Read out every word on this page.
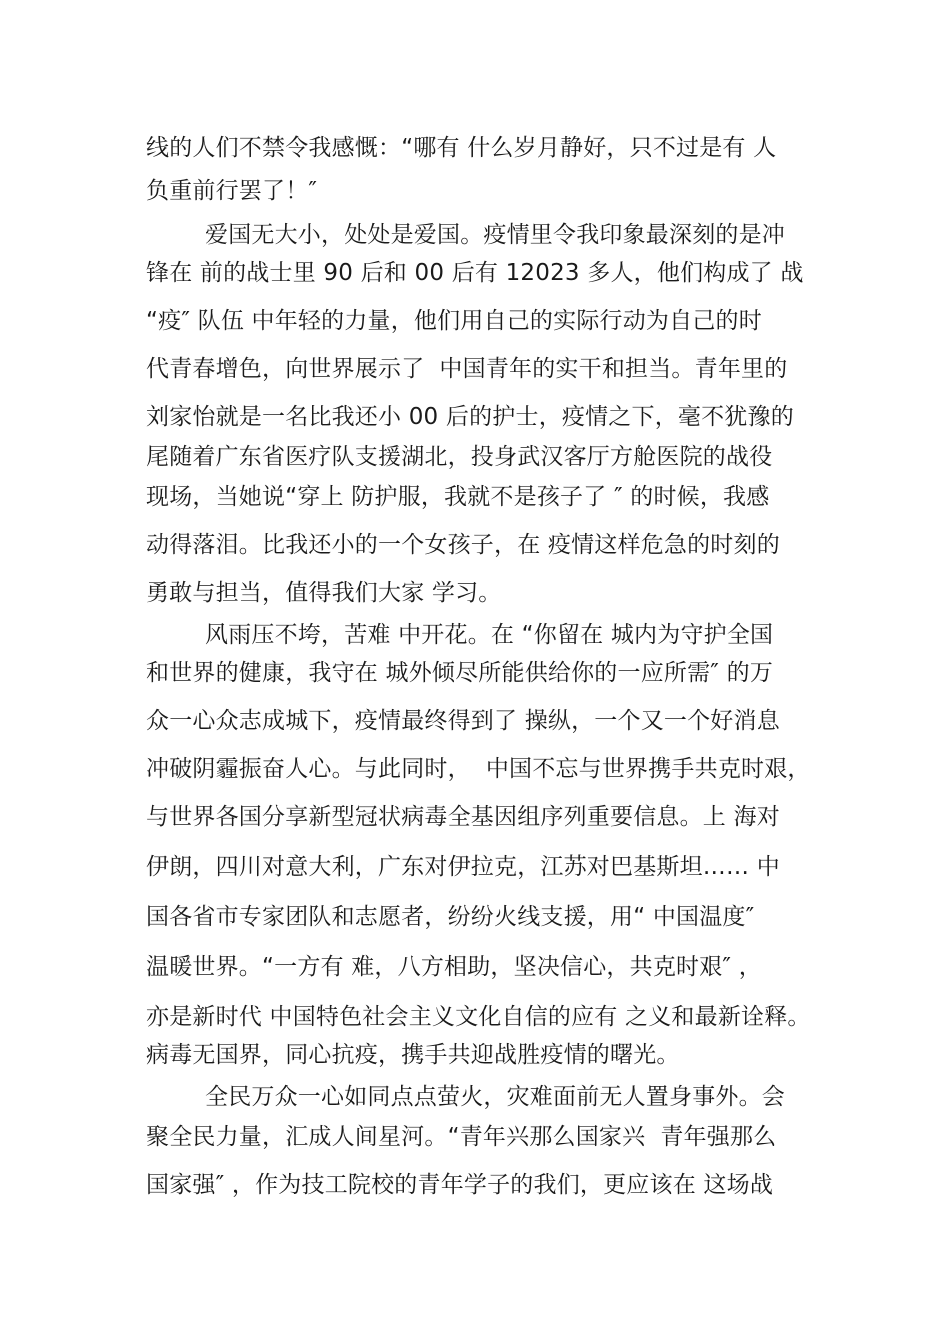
线的人们不禁令我感慨：“哪有 什么岁月静好，只不过是有 人
负重前行罢了！″
爱国无大小，处处是爱国。疫情里令我印象最深刻的是冲
锋在 前的战士里 90 后和 00 后有 12023 多人，他们构成了 战
“疫″ 队伍 中年轻的力量，他们用自己的实际行动为自己的时
代青春增色，向世界展示了  中国青年的实干和担当。青年里的
刘家怡就是一名比我还小 00 后的护士，疫情之下，毫不犹豫的
尾随着广东省医疗队支援湖北，投身武汉客厅方舱医院的战役
现场，当她说“穿上 防护服，我就不是孩子了 ″ 的时候，我感
动得落泪。比我还小的一个女孩子，在 疫情这样危急的时刻的
勇敢与担当，值得我们大家 学习。
风雨压不垮，苦难 中开花。在 “你留在 城内为守护全国
和世界的健康，我守在 城外倾尽所能供给你的一应所需″ 的万
众一心众志成城下，疫情最终得到了 操纵，一个又一个好消息
冲破阴霾振奋人心。与此同时，  中国不忘与世界携手共克时艰，
与世界各国分享新型冠状病毒全基因组序列重要信息。上 海对
伊朗，四川对意大利，广东对伊拉克，江苏对巴基斯坦…… 中
国各省市专家团队和志愿者，纷纷火线支援，用“ 中国温度″
温暖世界。“一方有 难，八方相助，坚决信心，共克时艰″ ，
亦是新时代 中国特色社会主义文化自信的应有 之义和最新诠释。
病毒无国界，同心抗疫，携手共迎战胜疫情的曙光。
全民万众一心如同点点萤火，灾难面前无人置身事外。会
聚全民力量，汇成人间星河。“青年兴那么国家兴  青年强那么
国家强″ ，作为技工院校的青年学子的我们，更应该在 这场战
